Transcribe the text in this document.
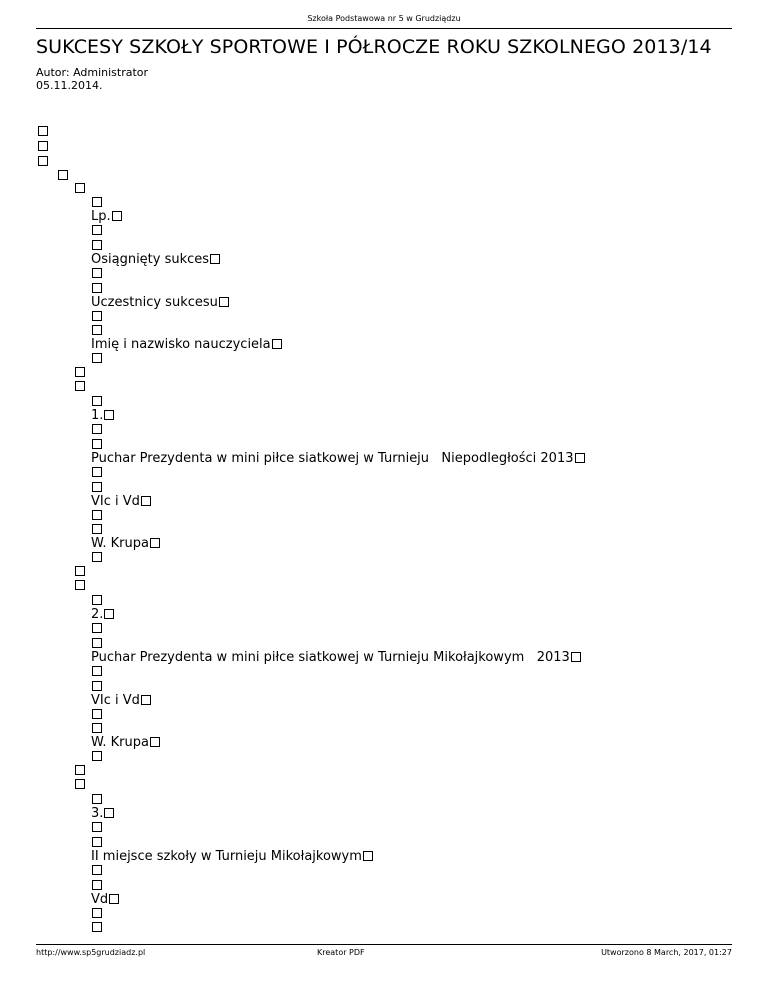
Szkoła Podstawowa nr 5 w Grudziądzu
SUKCESY SZKOŁY SPORTOWE I PÓŁROCZE ROKU SZKOLNEGO 2013/14
Autor: Administrator
05.11.2014.
Lp.
Osiągnięty sukces
Uczestnicy sukcesu
Imię i nazwisko nauczyciela
1.
Puchar Prezydenta w mini piłce siatkowej w Turnieju   Niepodległości 2013
VIc i Vd
W. Krupa
2.
Puchar Prezydenta w mini piłce siatkowej w Turnieju Mikołajkowym   2013
VIc i Vd
W. Krupa
3.
II miejsce szkoły w Turnieju Mikołajkowym
Vd
http://www.sp5grudziadz.pl	Kreator PDF	Utworzono 8 March, 2017, 01:27
